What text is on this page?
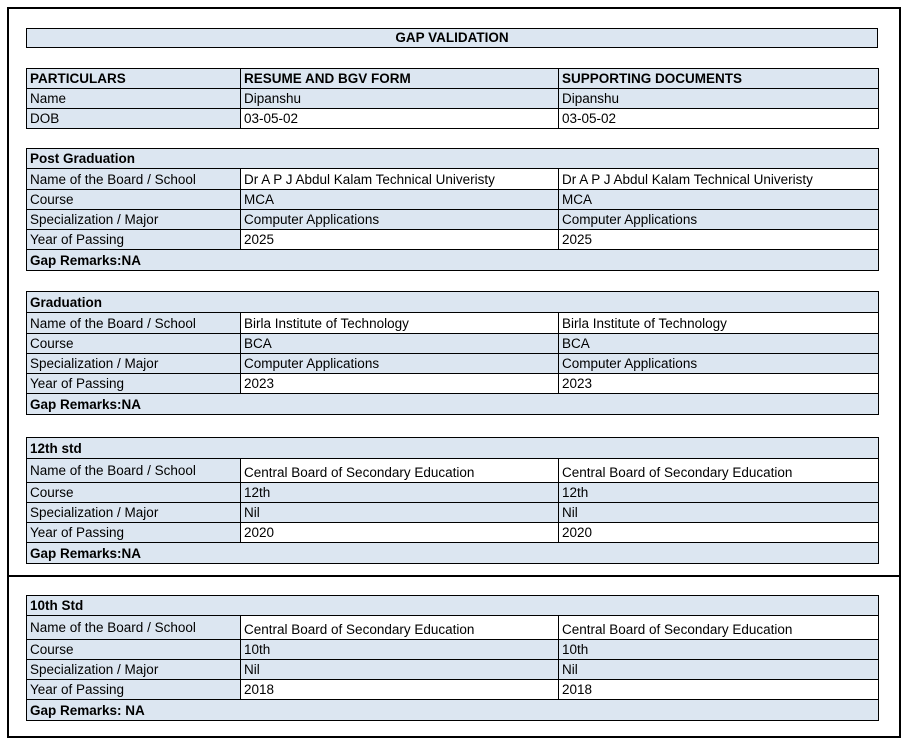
GAP VALIDATION
PARTICULARS	RESUME AND BGV FORM	SUPPORTING DOCUMENTS
Name	Dipanshu	Dipanshu
DOB	03-05-02	03-05-02
Post Graduation		
Name of the Board / School	Dr A P J Abdul Kalam Technical Univeristy	Dr A P J Abdul Kalam Technical Univeristy
Course	MCA	MCA
Specialization / Major	Computer Applications	Computer Applications
Year of Passing	2025	2025
Gap Remarks:NA		
Graduation		
Name of the Board / School	Birla Institute of Technology	Birla Institute of Technology
Course	BCA	BCA
Specialization / Major	Computer Applications	Computer Applications
Year of Passing	2023	2023
Gap Remarks:NA		
12th std		
Name of the Board / School	Central Board of Secondary Education	Central Board of Secondary Education
Course	12th	12th
Specialization / Major	Nil	Nil
Year of Passing	2020	2020
Gap Remarks:NA		
10th Std		
Name of the Board / School	Central Board of Secondary Education	Central Board of Secondary Education
Course	10th	10th
Specialization / Major	Nil	Nil
Year of Passing	2018	2018
Gap Remarks: NA		
